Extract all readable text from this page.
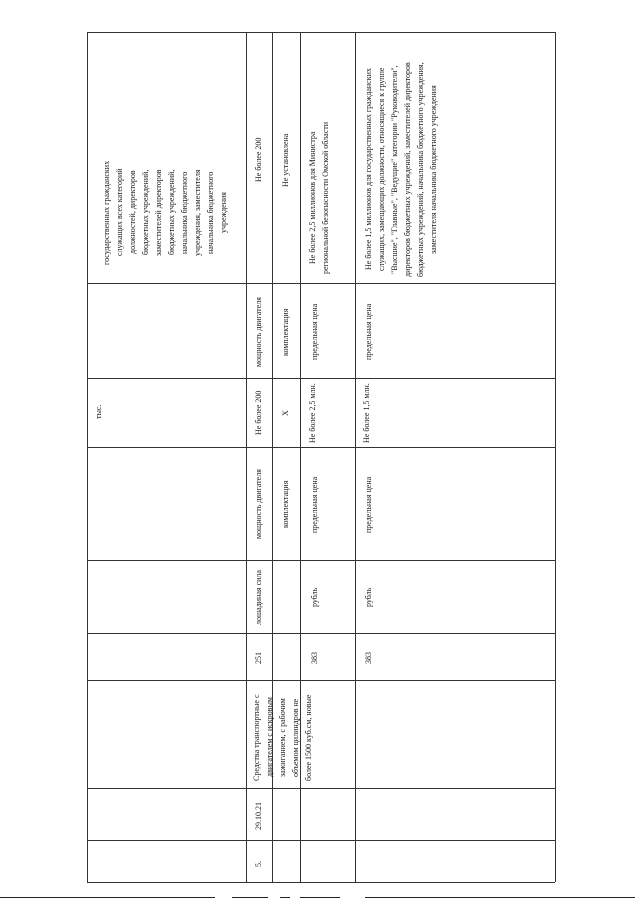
тыс.
государственных гражданских служащих всех категорий должностей, директоров бюджетных учреждений, заместителей директоров бюджетных учреждений, начальника бюджетного учреждения, заместителя начальника бюджетного учреждения
5.
29.10.21
Средства транспортные с двигателем с искровым зажиганием, с рабочим объемом цилиндров не более 1500 куб.см, новые
251
лошадиная сила
мощность двигателя
Не более 200
мощность двигателя
Не более 200
комплектация
X
комплектация
Не установлена
383
рубль
предельная цена
Не более 2,5 млн.
предельная цена
Не более 2,5 миллионов для Министра региональной безопасности Омской области
383
рубль
предельная цена
Не более 1,5 млн.
предельная цена
Не более 1,5 миллионов для государственных гражданских служащих, замещающих должности, относящиеся к группе "Высшие", "Главные", "Ведущие" категории "Руководители", директоров бюджетных учреждений, заместителей директоров бюджетных учреждений, начальника бюджетного учреждения, заместителя начальника бюджетного учреждения
